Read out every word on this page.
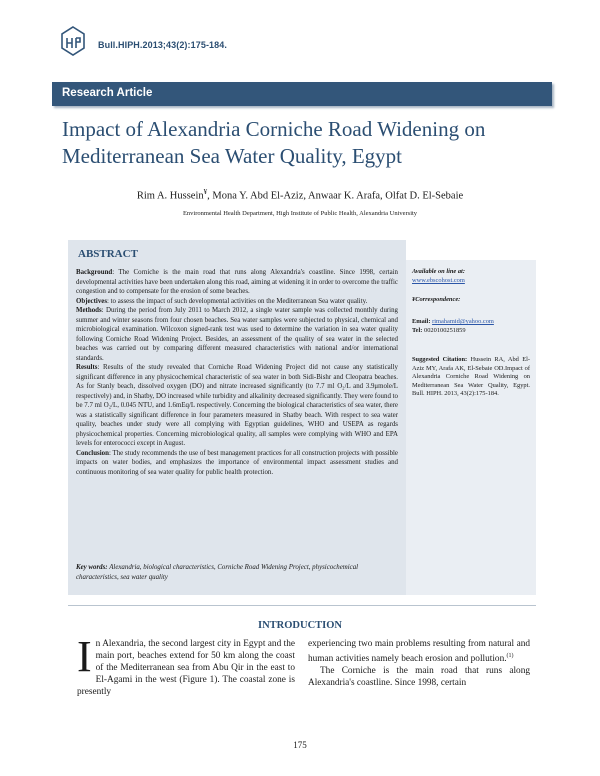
Bull.HIPH.2013;43(2):175-184.
Research Article
Impact of Alexandria Corniche Road Widening on Mediterranean Sea Water Quality, Egypt
Rim A. Hussein¥, Mona Y. Abd El-Aziz, Anwaar K. Arafa, Olfat D. El-Sebaie
Environmental Health Department, High Institute of Public Health, Alexandria University
ABSTRACT

Background: The Corniche is the main road that runs along Alexandria's coastline. Since 1998, certain developmental activities have been undertaken along this road, aiming at widening it in order to overcome the traffic congestion and to compensate for the erosion of some beaches.

Objectives: to assess the impact of such developmental activities on the Mediterranean Sea water quality.

Methods: During the period from July 2011 to March 2012, a single water sample was collected monthly during summer and winter seasons from four chosen beaches. Sea water samples were subjected to physical, chemical and microbiological examination. Wilcoxon signed-rank test was used to determine the variation in sea water quality following Corniche Road Widening Project. Besides, an assessment of the quality of sea water in the selected beaches was carried out by comparing different measured characteristics with national and/or international standards.

Results: Results of the study revealed that Corniche Road Widening Project did not cause any statistically significant difference in any physicochemical characteristic of sea water in both Sidi-Bishr and Cleopatra beaches. As for Stanly beach, dissolved oxygen (DO) and nitrate increased significantly (to 7.7 ml O₂/L and 3.9μmole/L respectively) and, in Shatby, DO increased while turbidity and alkalinity decreased significantly. They were found to be 7.7 ml O₂/L, 0.045 NTU, and 1.6mEq/L respectively. Concerning the biological characteristics of sea water, there was a statistically significant difference in four parameters measured in Shatby beach. With respect to sea water quality, beaches under study were all complying with Egyptian guidelines, WHO and USEPA as regards physicochemical properties. Concerning microbiological quality, all samples were complying with WHO and EPA levels for enterococci except in August.

Conclusion: The study recommends the use of best management practices for all construction projects with possible impacts on water bodies, and emphasizes the importance of environmental impact assessment studies and continuous monitoring of sea water quality for public health protection.

Key words: Alexandria, biological characteristics, Corniche Road Widening Project, physicochemical characteristics, sea water quality
Available on line at:
www.ebscohost.com
¥Correspondence:
Email: rimahamid@yahoo.com
Tel: 0020100251859
Suggested Citation: Hussein RA, Abd El-Aziz MY, Arafa AK, El-Sebaie OD.Impact of Alexandria Corniche Road Widening on Mediterranean Sea Water Quality, Egypt. Bull. HIPH. 2013, 43(2):175-184.
INTRODUCTION
In Alexandria, the second largest city in Egypt and the main port, beaches extend for 50 km along the coast of the Mediterranean sea from Abu Qir in the east to El-Agami in the west (Figure 1). The coastal zone is presently

experiencing two main problems resulting from natural and human activities namely beach erosion and pollution.$^{(1)}$

The Corniche is the main road that runs along Alexandria's coastline. Since 1998, certain

175
